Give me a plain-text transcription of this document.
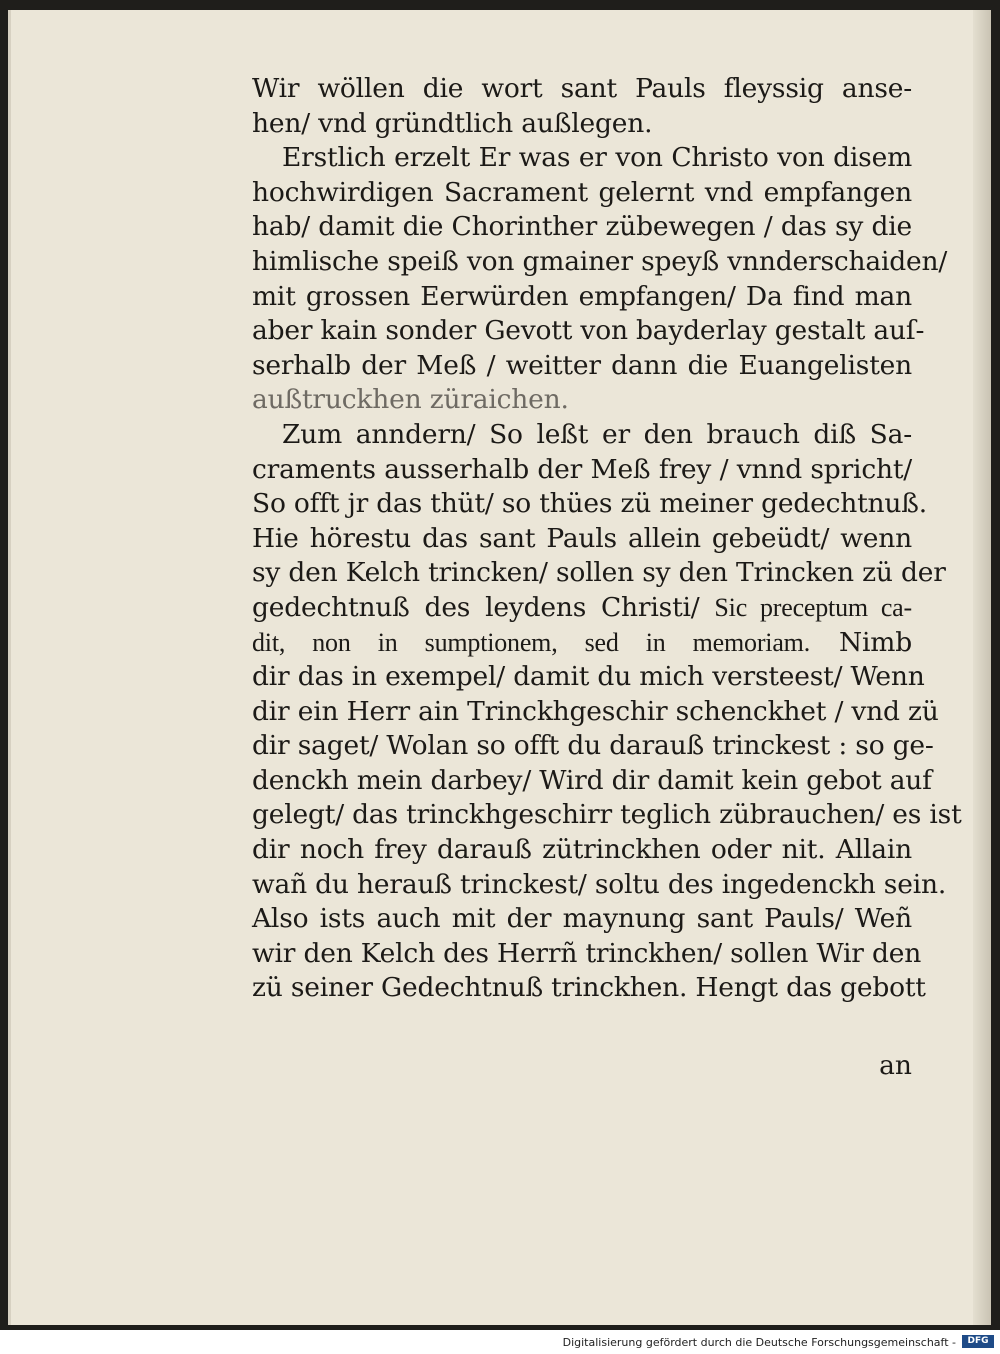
Wir wöllen die wort sant Pauls fleyssig anse-
hen/ vnd gründtlich außlegen.
Erstlich erzelt Er was er von Christo von disem
hochwirdigen Sacrament gelernt vnd empfangen
hab/ damit die Chorinther zübewegen / das sy die
himlische speiß von gmainer speyß vnnderschaiden/
mit grossen Eerwürden empfangen/ Da find man
aber kain sonder Gevott von bayderlay gestalt auſ-
serhalb der Meß / weitter dann die Euangelisten
außtruckhen züraichen.
Zum anndern/ So leßt er den brauch diß Sa-
craments ausserhalb der Meß frey / vnnd spricht/
So offt jr das thüt/ so thües zü meiner gedechtnuß.
Hie hörestu das sant Pauls allein gebeüdt/ wenn
sy den Kelch trincken/ sollen sy den Trincken zü der
gedechtnuß des leydens Christi/ Sic preceptum ca-
dit, non in sumptionem, sed in memoriam. Nimb
dir das in exempel/ damit du mich versteest/ Wenn
dir ein Herr ain Trinckhgeschir schenckhet / vnd zü
dir saget/ Wolan so offt du darauß trinckest : so ge-
denckh mein darbey/ Wird dir damit kein gebot auf
gelegt/ das trinckhgeschirr teglich zübrauchen/ es ist
dir noch frey darauß zütrinckhen oder nit. Allain
wañ du herauß trinckest/ soltu des ingedenckh sein.
Also ists auch mit der maynung sant Pauls/ Weñ
wir den Kelch des Herrñ trinckhen/ sollen Wir den
zü seiner Gedechtnuß trinckhen. Hengt das gebott
an
Digitalisierung gefördert durch die Deutsche Forschungsgemeinschaft -	DFG
